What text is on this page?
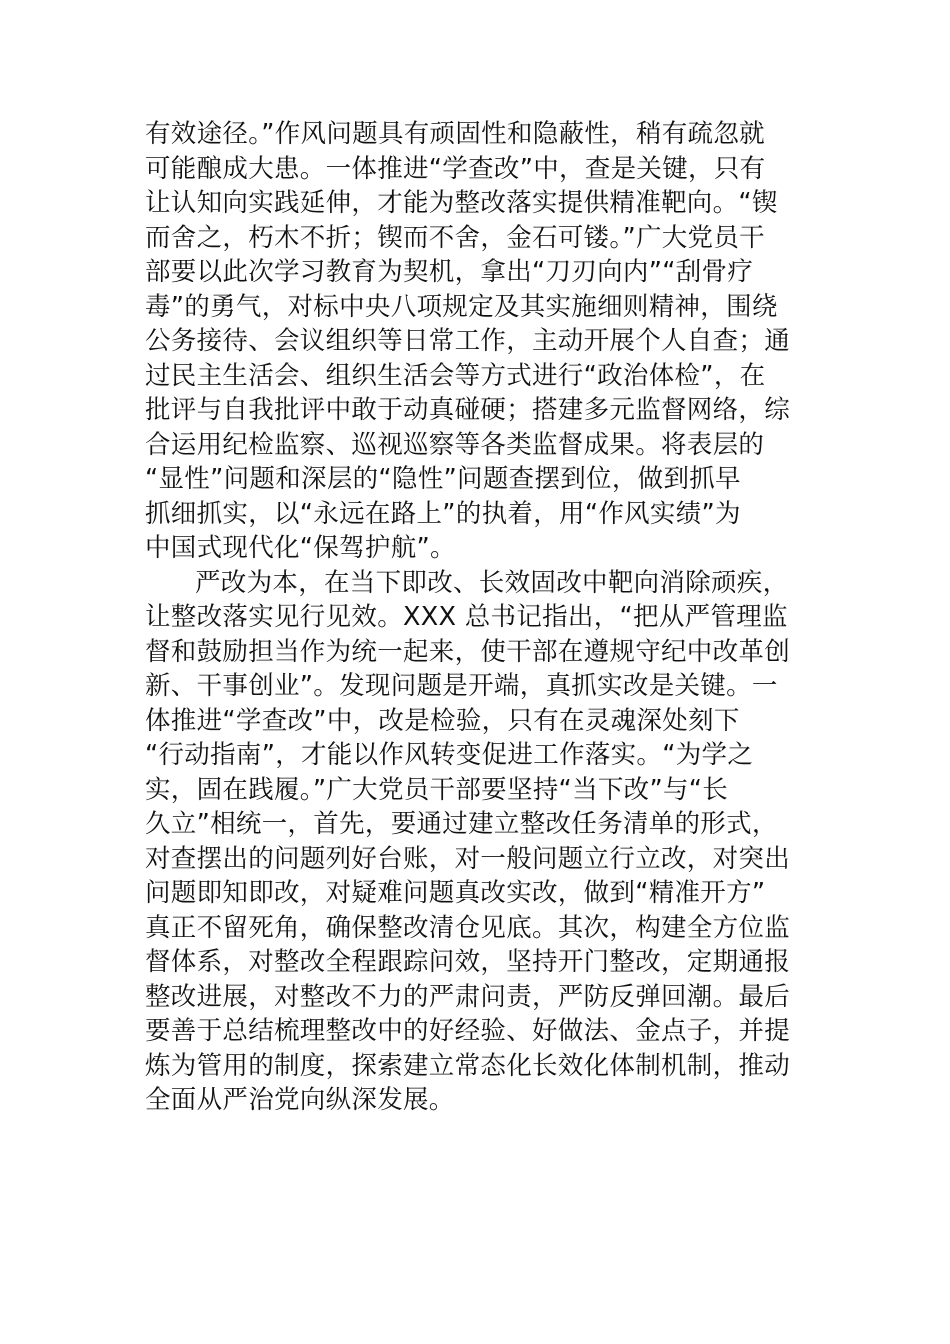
有效途径。”作风问题具有顽固性和隐蔽性，稍有疏忽就
可能酿成大患。一体推进“学查改”中，查是关键，只有
让认知向实践延伸，才能为整改落实提供精准靶向。“锲
而舍之，朽木不折；锲而不舍，金石可镂。”广大党员干
部要以此次学习教育为契机，拿出“刀刃向内”“刮骨疗
毒”的勇气，对标中央八项规定及其实施细则精神，围绕
公务接待、会议组织等日常工作，主动开展个人自查；通
过民主生活会、组织生活会等方式进行“政治体检”，在
批评与自我批评中敢于动真碰硬；搭建多元监督网络，综
合运用纪检监察、巡视巡察等各类监督成果。将表层的
“显性”问题和深层的“隐性”问题查摆到位，做到抓早
抓细抓实，以“永远在路上”的执着，用“作风实绩”为
中国式现代化“保驾护航”。
严改为本，在当下即改、长效固改中靶向消除顽疾，
让整改落实见行见效。XXX 总书记指出，“把从严管理监
督和鼓励担当作为统一起来，使干部在遵规守纪中改革创
新、干事创业”。发现问题是开端，真抓实改是关键。一
体推进“学查改”中，改是检验，只有在灵魂深处刻下
“行动指南”，才能以作风转变促进工作落实。“为学之
实，固在践履。”广大党员干部要坚持“当下改”与“长
久立”相统一，首先，要通过建立整改任务清单的形式，
对查摆出的问题列好台账，对一般问题立行立改，对突出
问题即知即改，对疑难问题真改实改，做到“精准开方”
真正不留死角，确保整改清仓见底。其次，构建全方位监
督体系，对整改全程跟踪问效，坚持开门整改，定期通报
整改进展，对整改不力的严肃问责，严防反弹回潮。最后
要善于总结梳理整改中的好经验、好做法、金点子，并提
炼为管用的制度，探索建立常态化长效化体制机制，推动
全面从严治党向纵深发展。
